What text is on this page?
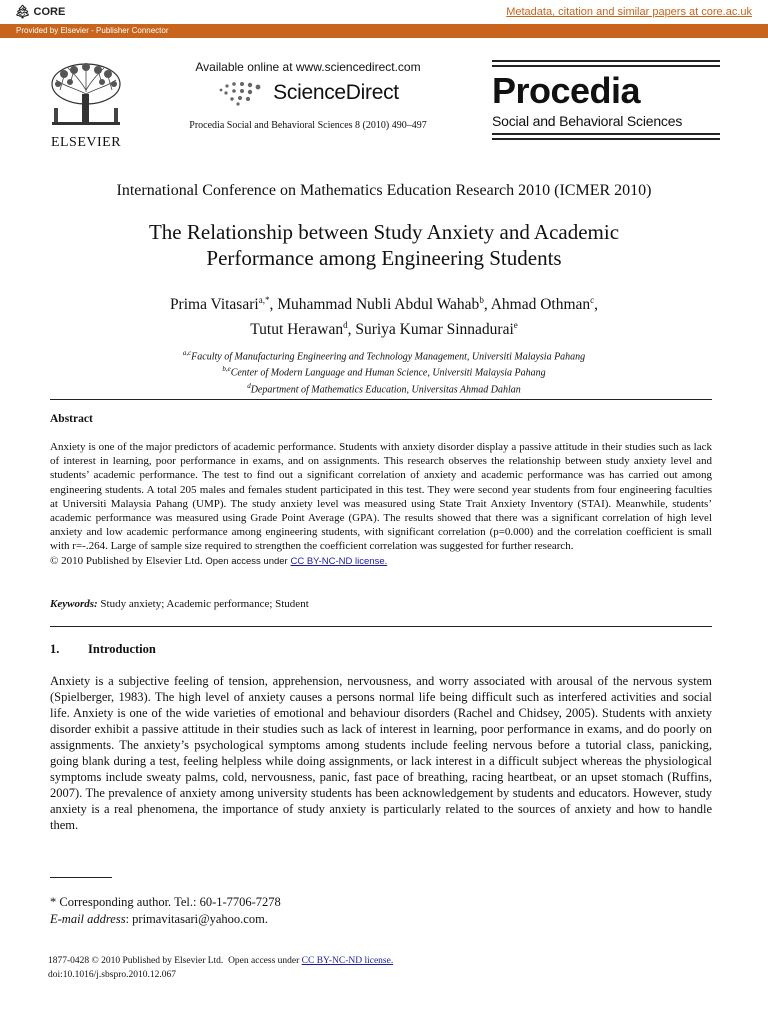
🌲︎ CORE	Metadata, citation and similar papers at core.ac.uk
Provided by Elsevier - Publisher Connector
ELSEVIER
Available online at www.sciencedirect.com
ScienceDirect
Procedia Social and Behavioral Sciences 8 (2010) 490–497
Procedia
Social and Behavioral Sciences
International Conference on Mathematics Education Research 2010 (ICMER 2010)
The Relationship between Study Anxiety and Academic
Performance among Engineering Students
Prima Vitasari$^{a,*}$, Muhammad Nubli Abdul Wahab$^b$, Ahmad Othman$^c$,
Tutut Herawan$^d$, Suriya Kumar Sinnadurai$^e$
$^{a,c}$Faculty of Manufacturing Engineering and Technology Management, Universiti Malaysia Pahang
$^{b,e}$Center of Modern Language and Human Science, Universiti Malaysia Pahang
$^d$Department of Mathematics Education, Universitas Ahmad Dahlan
Abstract
Anxiety is one of the major predictors of academic performance. Students with anxiety disorder display a passive attitude in their studies such as lack of interest in learning, poor performance in exams, and on assignments. This research observes the relationship between study anxiety level and students’ academic performance. The test to find out a significant correlation of anxiety and academic performance was has carried out among engineering students. A total 205 males and females student participated in this test. They were second year students from four engineering faculties at Universiti Malaysia Pahang (UMP). The study anxiety level was measured using State Trait Anxiety Inventory (STAI). Meanwhile, students’ academic performance was measured using Grade Point Average (GPA). The results showed that there was a significant correlation of high level anxiety and low academic performance among engineering students, with significant correlation (p=0.000) and the correlation coefficient is small with r=-.264. Large of sample size required to strengthen the coefficient correlation was suggested for further research.
© 2010 Published by Elsevier Ltd. Open access under CC BY-NC-ND license.
Keywords: Study anxiety; Academic performance; Student
1. Introduction
Anxiety is a subjective feeling of tension, apprehension, nervousness, and worry associated with arousal of the nervous system (Spielberger, 1983). The high level of anxiety causes a persons normal life being difficult such as interfered activities and social life. Anxiety is one of the wide varieties of emotional and behaviour disorders (Rachel and Chidsey, 2005). Students with anxiety disorder exhibit a passive attitude in their studies such as lack of interest in learning, poor performance in exams, and do poorly on assignments. The anxiety’s psychological symptoms among students include feeling nervous before a tutorial class, panicking, going blank during a test, feeling helpless while doing assignments, or lack interest in a difficult subject whereas the physiological symptoms include sweaty palms, cold, nervousness, panic, fast pace of breathing, racing heartbeat, or an upset stomach (Ruffins, 2007). The prevalence of anxiety among university students has been acknowledgement by students and educators. However, study anxiety is a real phenomena, the importance of study anxiety is particularly related to the sources of anxiety and how to handle them.
* Corresponding author. Tel.: 60-1-7706-7278
E-mail address: primavitasari@yahoo.com.
1877-0428 © 2010 Published by Elsevier Ltd. Open access under CC BY-NC-ND license.
doi:10.1016/j.sbspro.2010.12.067
